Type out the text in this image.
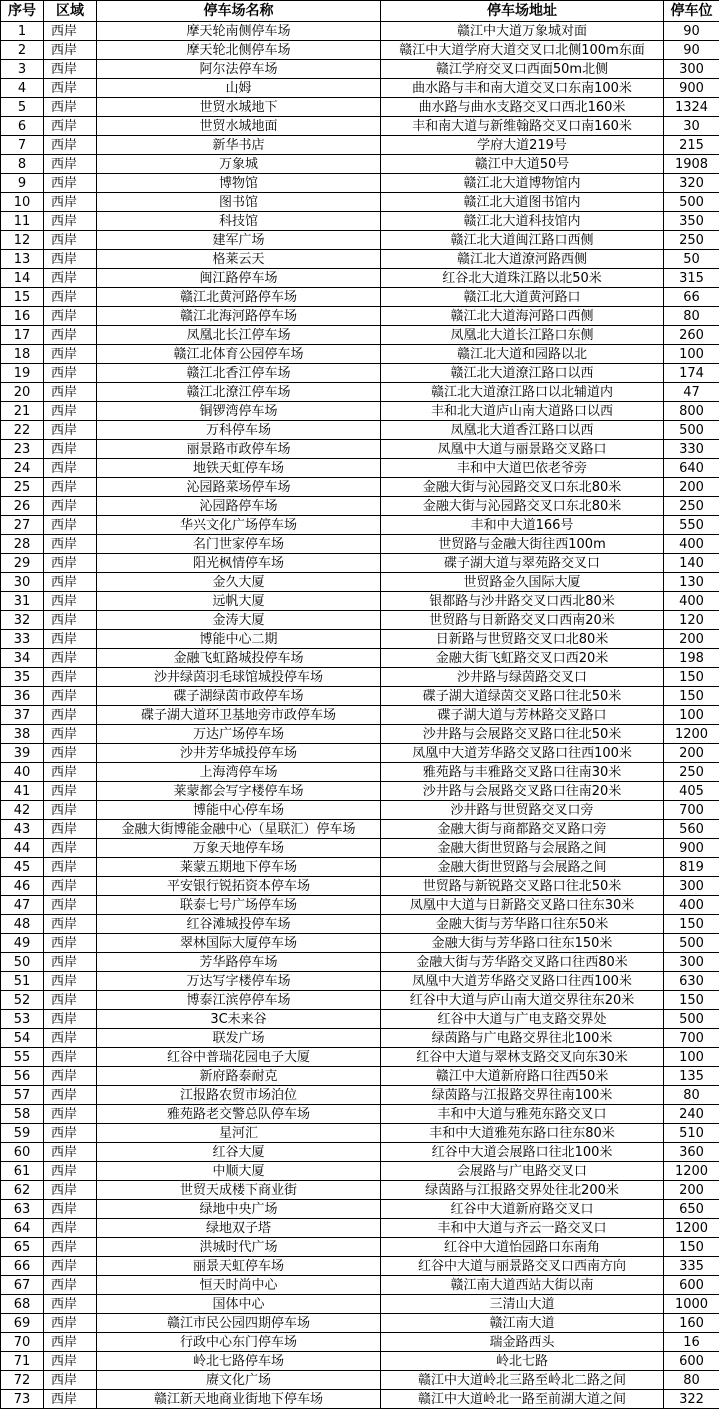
序号	区域	停车场名称	停车场地址	停车位
1	西岸	摩天轮南侧停车场	赣江中大道万象城对面	90
2	西岸	摩天轮北侧停车场	赣江中大道学府大道交叉口北侧100m东面	90
3	西岸	阿尔法停车场	赣江学府交叉口西面50m北侧	300
4	西岸	山姆	曲水路与丰和南大道交叉口东南100米	900
5	西岸	世贸水城地下	曲水路与曲水支路交叉口西北160米	1324
6	西岸	世贸水城地面	丰和南大道与新维翰路交叉口南160米	30
7	西岸	新华书店	学府大道219号	215
8	西岸	万象城	赣江中大道50号	1908
9	西岸	博物馆	赣江北大道博物馆内	320
10	西岸	图书馆	赣江北大道图书馆内	500
11	西岸	科技馆	赣江北大道科技馆内	350
12	西岸	建军广场	赣江北大道闽江路口西侧	250
13	西岸	格莱云天	赣江北大道潦河路西侧	50
14	西岸	闽江路停车场	红谷北大道珠江路以北50米	315
15	西岸	赣江北黄河路停车场	赣江北大道黄河路口	66
16	西岸	赣江北海河路停车场	赣江北大道海河路口西侧	80
17	西岸	凤凰北长江停车场	凤凰北大道长江路口东侧	260
18	西岸	赣江北体育公园停车场	赣江北大道和园路以北	100
19	西岸	赣江北香江停车场	赣江北大道潦江路口以西	174
20	西岸	赣江北潦江停车场	赣江北大道潦江路口以北辅道内	47
21	西岸	铜锣湾停车场	丰和北大道庐山南大道路口以西	800
22	西岸	万科停车场	凤凰北大道香江路口以西	500
23	西岸	丽景路市政停车场	凤凰中大道与丽景路交叉路口	330
24	西岸	地铁天虹停车场	丰和中大道巴依老爷旁	640
25	西岸	沁园路菜场停车场	金融大街与沁园路交叉口东北80米	200
26	西岸	沁园路停车场	金融大街与沁园路交叉口东北80米	250
27	西岸	华兴文化广场停车场	丰和中大道166号	550
28	西岸	名门世家停车场	世贸路与金融大街往西100m	400
29	西岸	阳光枫情停车场	碟子湖大道与翠苑路交叉口	140
30	西岸	金久大厦	世贸路金久国际大厦	130
31	西岸	远帆大厦	银都路与沙井路交叉口西北80米	400
32	西岸	金涛大厦	世贸路与日新路交叉口西南20米	120
33	西岸	博能中心二期	日新路与世贸路交叉口北80米	200
34	西岸	金融飞虹路城投停车场	金融大街飞虹路交叉口西20米	198
35	西岸	沙井绿茵羽毛球馆城投停车场	沙井路与绿茵路交叉口	150
36	西岸	碟子湖绿茵市政停车场	碟子湖大道绿茵交叉路口往北50米	150
37	西岸	碟子湖大道环卫基地旁市政停车场	碟子湖大道与芳林路交叉路口	100
38	西岸	万达广场停车场	沙井路与会展路交叉路口往北50米	1200
39	西岸	沙井芳华城投停车场	凤凰中大道芳华路交叉路口往西100米	200
40	西岸	上海湾停车场	雅苑路与丰雅路交叉路口往南30米	250
41	西岸	莱蒙都会写字楼停车场	沙井路与会展路交叉路口往南20米	405
42	西岸	博能中心停车场	沙井路与世贸路交叉口旁	700
43	西岸	金融大街博能金融中心（星联汇）停车场	金融大街与商都路交叉路口旁	560
44	西岸	万象天地停车场	金融大街世贸路与会展路之间	900
45	西岸	莱蒙五期地下停车场	金融大街世贸路与会展路之间	819
46	西岸	平安银行锐拓资本停车场	世贸路与新锐路交叉路口往北50米	300
47	西岸	联泰七号广场停车场	凤凰中大道与日新路交叉路口往东30米	400
48	西岸	红谷滩城投停车场	金融大街与芳华路口往东50米	150
49	西岸	翠林国际大厦停车场	金融大街与芳华路口往东150米	500
50	西岸	芳华路停车场	金融大街与芳华路交叉路口往西80米	300
51	西岸	万达写字楼停车场	凤凰中大道芳华路交叉路口往西100米	630
52	西岸	博泰江滨停停车场	红谷中大道与庐山南大道交界往东20米	150
53	西岸	3C未来谷	红谷中大道与广电支路交界处	500
54	西岸	联发广场	绿茵路与广电路交界往北100米	700
55	西岸	红谷中普瑞花园电子大厦	红谷中大道与翠林支路交叉向东30米	100
56	西岸	新府路泰耐克	赣江中大道新府路口往西50米	135
57	西岸	江报路农贸市场泊位	绿茵路与江报路交界往南100米	80
58	西岸	雅苑路老交警总队停车场	丰和中大道与雅苑东路交叉口	240
59	西岸	星河汇	丰和中大道雅苑东路口往东80米	510
60	西岸	红谷大厦	红谷中大道会展路口往北100米	360
61	西岸	中顺大厦	会展路与广电路交叉口	1200
62	西岸	世贸天成楼下商业街	绿茵路与江报路交界处往北200米	200
63	西岸	绿地中央广场	红谷中大道新府路交叉口	650
64	西岸	绿地双子塔	丰和中大道与齐云一路交叉口	1200
65	西岸	洪城时代广场	红谷中大道怡园路口东南角	150
66	西岸	丽景天虹停车场	红谷中大道与丽景路交叉口西南方向	335
67	西岸	恒天时尚中心	赣江南大道西站大街以南	600
68	西岸	国体中心	三清山大道	1000
69	西岸	赣江市民公园四期停车场	赣江南大道	160
70	西岸	行政中心东门停车场	瑞金路西头	16
71	西岸	岭北七路停车场	岭北七路	600
72	西岸	赓文化广场	赣江中大道岭北三路至岭北二路之间	80
73	西岸	赣江新天地商业街地下停车场	赣江中大道岭北一路至前湖大道之间	322
